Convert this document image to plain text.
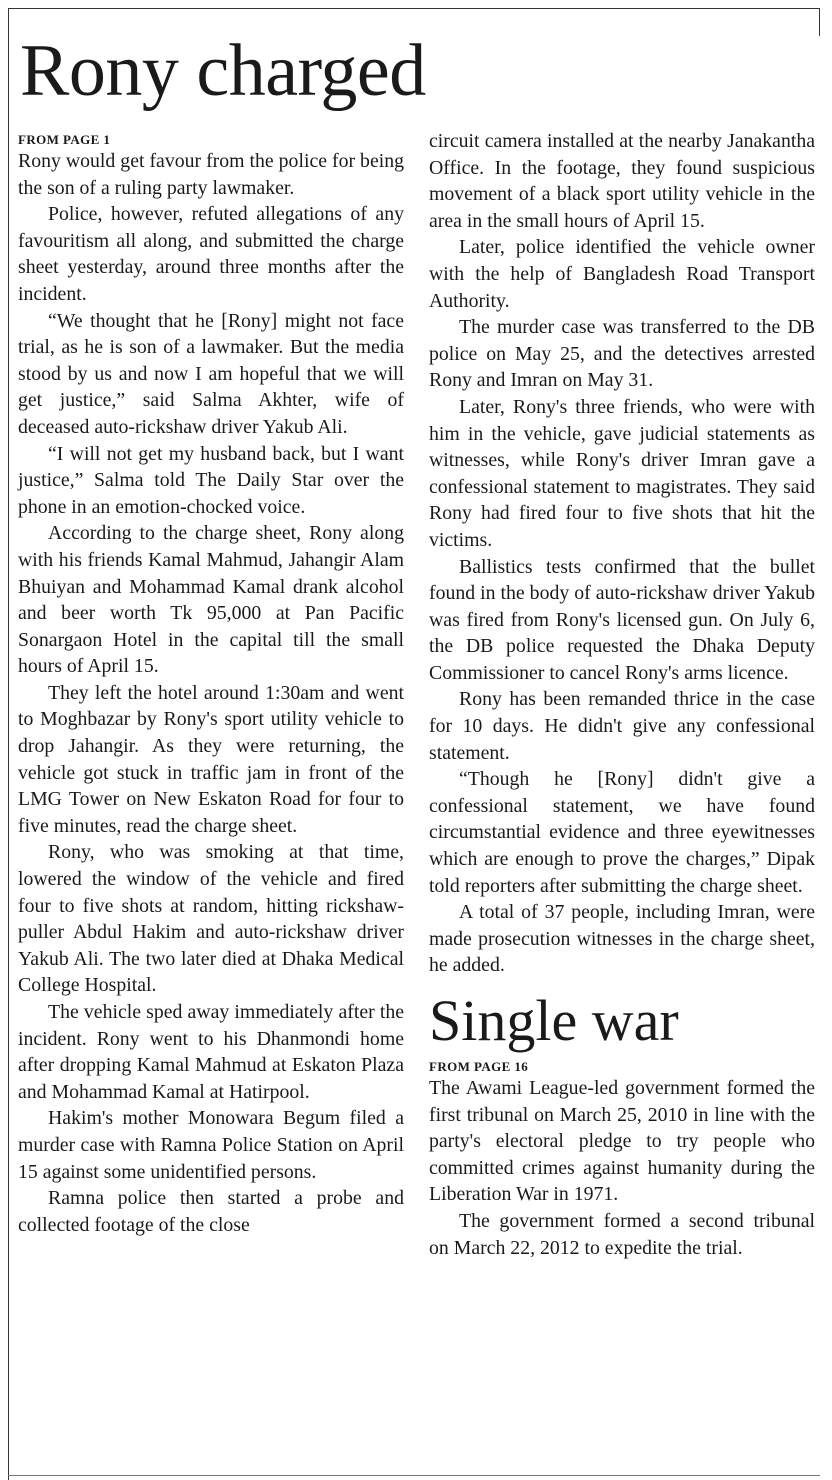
Rony charged
FROM PAGE 1

Rony would get favour from the police for being the son of a ruling party lawmaker.

Police, however, refuted allegations of any favouritism all along, and submitted the charge sheet yesterday, around three months after the incident.

“We thought that he [Rony] might not face trial, as he is son of a lawmaker. But the media stood by us and now I am hopeful that we will get justice,” said Salma Akhter, wife of deceased auto-rickshaw driver Yakub Ali.

“I will not get my husband back, but I want justice,” Salma told The Daily Star over the phone in an emotion-chocked voice.

According to the charge sheet, Rony along with his friends Kamal Mahmud, Jahangir Alam Bhuiyan and Mohammad Kamal drank alcohol and beer worth Tk 95,000 at Pan Pacific Sonargaon Hotel in the capital till the small hours of April 15.

They left the hotel around 1:30am and went to Moghbazar by Rony's sport utility vehicle to drop Jahangir. As they were returning, the vehicle got stuck in traffic jam in front of the LMG Tower on New Eskaton Road for four to five minutes, read the charge sheet.

Rony, who was smoking at that time, lowered the window of the vehicle and fired four to five shots at random, hitting rickshaw-puller Abdul Hakim and auto-rickshaw driver Yakub Ali. The two later died at Dhaka Medical College Hospital.

The vehicle sped away immediately after the incident. Rony went to his Dhanmondi home after dropping Kamal Mahmud at Eskaton Plaza and Mohammad Kamal at Hatirpool.

Hakim's mother Monowara Begum filed a murder case with Ramna Police Station on April 15 against some unidentified persons.

Ramna police then started a probe and collected footage of the close

circuit camera installed at the nearby Janakantha Office. In the footage, they found suspicious movement of a black sport utility vehicle in the area in the small hours of April 15.

Later, police identified the vehicle owner with the help of Bangladesh Road Transport Authority.

The murder case was transferred to the DB police on May 25, and the detectives arrested Rony and Imran on May 31.

Later, Rony's three friends, who were with him in the vehicle, gave judicial statements as witnesses, while Rony's driver Imran gave a confessional statement to magistrates. They said Rony had fired four to five shots that hit the victims.

Ballistics tests confirmed that the bullet found in the body of auto-rickshaw driver Yakub was fired from Rony's licensed gun. On July 6, the DB police requested the Dhaka Deputy Commissioner to cancel Rony's arms licence.

Rony has been remanded thrice in the case for 10 days. He didn't give any confessional statement.

“Though he [Rony] didn't give a confessional statement, we have found circumstantial evidence and three eyewitnesses which are enough to prove the charges,” Dipak told reporters after submitting the charge sheet.

A total of 37 people, including Imran, were made prosecution witnesses in the charge sheet, he added.

Single war
FROM PAGE 16

The Awami League-led government formed the first tribunal on March 25, 2010 in line with the party's electoral pledge to try people who committed crimes against humanity during the Liberation War in 1971.

The government formed a second tribunal on March 22, 2012 to expedite the trial.
